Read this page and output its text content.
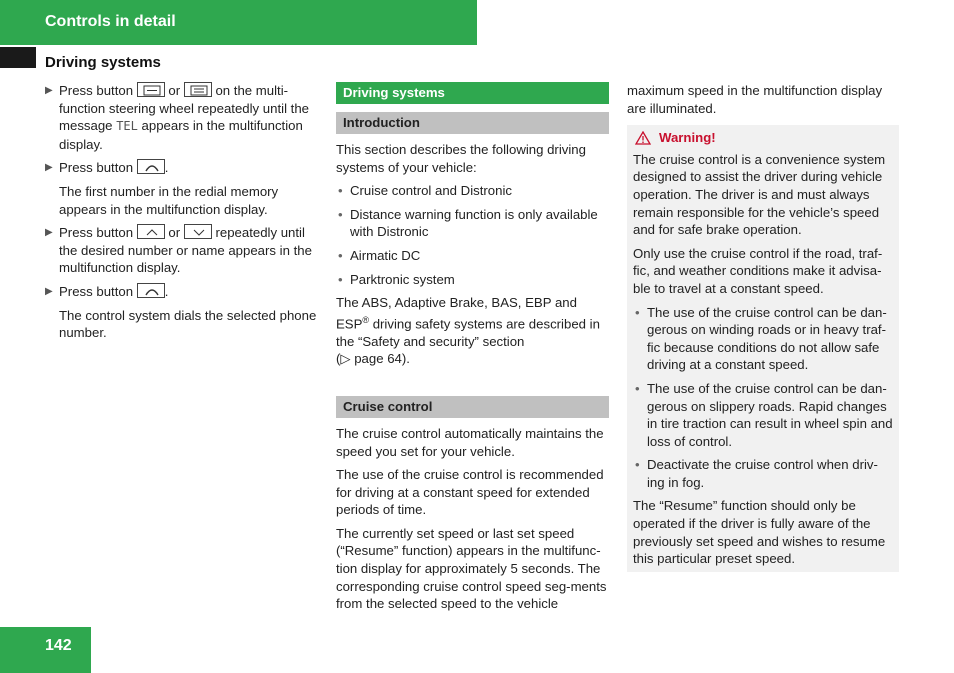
Controls in detail
Driving systems
▶ Press button	or	on the multi-function steering wheel repeatedly until the message TEL appears in the multifunction display.
▶ Press button .
The first number in the redial memory appears in the multifunction display.
▶ Press button	or	repeatedly until the desired number or name appears in the multifunction display.
▶ Press button .
The control system dials the selected phone number.
Driving systems
Introduction

This section describes the following driving systems of your vehicle:

• Cruise control and Distronic
• Distance warning function is only available with Distronic
• Airmatic DC
• Parktronic system

The ABS, Adaptive Brake, BAS, EBP and ESP® driving safety systems are described in the “Safety and security” section
(▷ page 64).

Cruise control

The cruise control automatically maintains the speed you set for your vehicle.

The use of the cruise control is recommended for driving at a constant speed for extended periods of time.

The currently set speed or last set speed (“Resume” function) appears in the multifunc-tion display for approximately 5 seconds. The corresponding cruise control speed seg-ments from the selected speed to the vehicle

maximum speed in the multifunction display are illuminated.

Warning!

The cruise control is a convenience system designed to assist the driver during vehicle operation. The driver is and must always remain responsible for the vehicle’s speed and for safe brake operation.

Only use the cruise control if the road, traf-fic, and weather conditions make it advisa-ble to travel at a constant speed.

• The use of the cruise control can be dan-gerous on winding roads or in heavy traf-fic because conditions do not allow safe driving at a constant speed.
• The use of the cruise control can be dan-gerous on slippery roads. Rapid changes in tire traction can result in wheel spin and loss of control.
• Deactivate the cruise control when driv-ing in fog.

The “Resume” function should only be operated if the driver is fully aware of the previously set speed and wishes to resume this particular preset speed.

142
